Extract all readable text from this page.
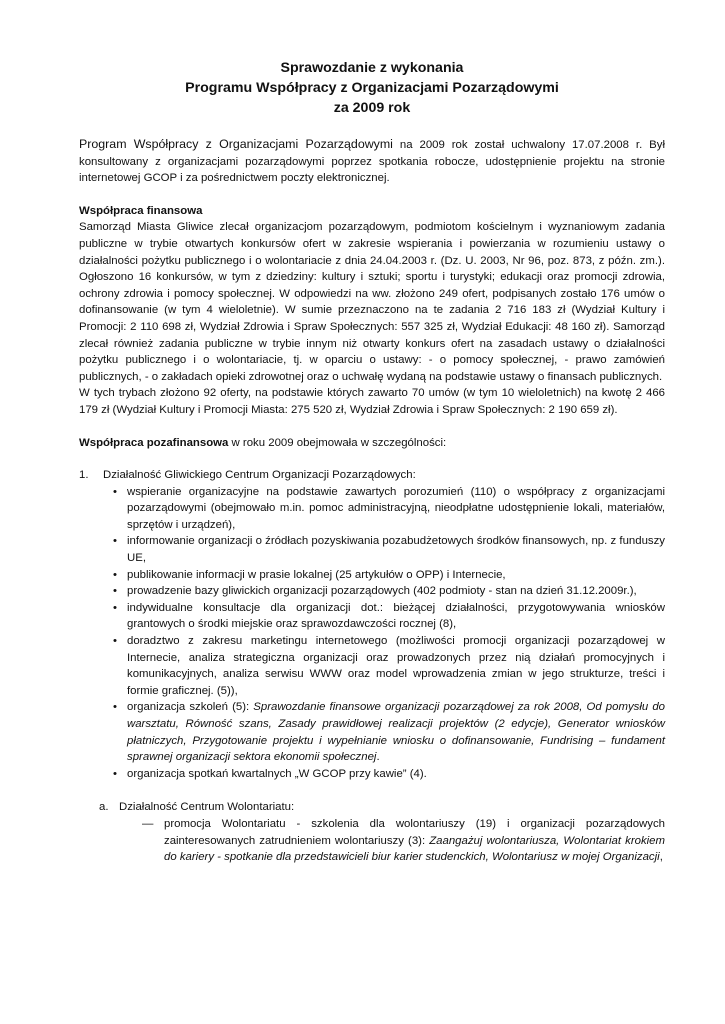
Sprawozdanie z wykonania

Programu Współpracy z Organizacjami Pozarządowymi

za 2009 rok

Program Współpracy z Organizacjami Pozarządowymi na 2009 rok został uchwalony 17.07.2008 r. Był konsultowany z organizacjami pozarządowymi poprzez spotkania robocze, udostępnienie projektu na stronie internetowej GCOP i za pośrednictwem poczty elektronicznej.

Współpraca finansowa

Samorząd Miasta Gliwice zlecał organizacjom pozarządowym, podmiotom kościelnym i wyznaniowym zadania publiczne w trybie otwartych konkursów ofert w zakresie wspierania i powierzania w rozumieniu ustawy o działalności pożytku publicznego i o wolontariacie z dnia 24.04.2003 r. (Dz. U. 2003, Nr 96, poz. 873, z późn. zm.). Ogłoszono 16 konkursów, w tym z dziedziny: kultury i sztuki; sportu i turystyki; edukacji oraz promocji zdrowia, ochrony zdrowia i pomocy społecznej. W odpowiedzi na ww. złożono 249 ofert, podpisanych zostało 176 umów o dofinansowanie (w tym 4 wieloletnie). W sumie przeznaczono na te zadania 2 716 183 zł (Wydział Kultury i Promocji: 2 110 698 zł, Wydział Zdrowia i Spraw Społecznych: 557 325 zł, Wydział Edukacji: 48 160 zł). Samorząd zlecał również zadania publiczne w trybie innym niż otwarty konkurs ofert na zasadach ustawy o działalności pożytku publicznego i o wolontariacie, tj. w oparciu o ustawy: - o pomocy społecznej, - prawo zamówień publicznych, - o zakładach opieki zdrowotnej oraz o uchwałę wydaną na podstawie ustawy o finansach publicznych.

W tych trybach złożono 92 oferty, na podstawie których zawarto 70 umów (w tym 10 wieloletnich) na kwotę 2 466 179 zł (Wydział Kultury i Promocji Miasta: 275 520 zł, Wydział Zdrowia i Spraw Społecznych: 2 190 659 zł).

Współpraca pozafinansowa w roku 2009 obejmowała w szczególności:

1. Działalność Gliwickiego Centrum Organizacji Pozarządowych:
• wspieranie organizacyjne na podstawie zawartych porozumień (110) o współpracy z organizacjami pozarządowymi (obejmowało m.in. pomoc administracyjną, nieodpłatne udostępnienie lokali, materiałów, sprzętów i urządzeń),
• informowanie organizacji o źródłach pozyskiwania pozabudżetowych środków finansowych, np. z funduszy UE,
• publikowanie informacji w prasie lokalnej (25 artykułów o OPP) i Internecie,
• prowadzenie bazy gliwickich organizacji pozarządowych (402 podmioty - stan na dzień 31.12.2009r.),
• indywidualne konsultacje dla organizacji dot.: bieżącej działalności, przygotowywania wniosków grantowych o środki miejskie oraz sprawozdawczości rocznej (8),
• doradztwo z zakresu marketingu internetowego (możliwości promocji organizacji pozarządowej w Internecie, analiza strategiczna organizacji oraz prowadzonych przez nią działań promocyjnych i komunikacyjnych, analiza serwisu WWW oraz model wprowadzenia zmian w jego strukturze, treści i formie graficznej. (5)),
• organizacja szkoleń (5): Sprawozdanie finansowe organizacji pozarządowej za rok 2008, Od pomysłu do warsztatu, Równość szans, Zasady prawidłowej realizacji projektów (2 edycje), Generator wniosków płatniczych, Przygotowanie projektu i wypełnianie wniosku o dofinansowanie, Fundrising – fundament sprawnej organizacji sektora ekonomii społecznej.
• organizacja spotkań kwartalnych „W GCOP przy kawie” (4).
a. Działalność Centrum Wolontariatu:
— promocja Wolontariatu - szkolenia dla wolontariuszy (19) i organizacji pozarządowych zainteresowanych zatrudnieniem wolontariuszy (3): Zaangażuj wolontariusza, Wolontariat krokiem do kariery - spotkanie dla przedstawicieli biur karier studenckich, Wolontariusz w mojej Organizacji,
